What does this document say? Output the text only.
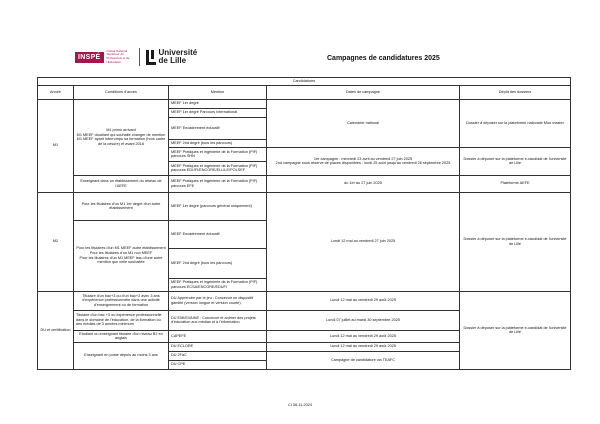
INSPÉ
Institut National Supérieur du Professorat et de l'Éducation
Université
de Lille	Campagnes de candidatures 2025
Candidatures				
Année	Conditions d'accès	Mention	Dates de campagne	Dépôt des dossiers
M1	M1 primo arrivant
M1 MEEF doublant qui souhaite changer de mention
M1 MEEF ayant interrompu sa formation (hors cadre de la césure) et avant 2016	MEEF 1er degré	Calendrier national	Dossier à déposer sur la plateforme nationale Mon master
		MEEF 1er degré Parcours International		
		MEEF Encadrement éducatif		
		MEEF 2nd degré (tous les parcours)		
		MEEF Pratiques et ingénierie de la Formation (PIF) parcours SHN	1er campagne : mercredi 23 avril au vendredi 27 juin 2025
2nd campagne sous réserve de places disponibles : lundi 25 août jusqu'au vendredi 26 septembre 2025	Dossier à déposer sur la plateforme e-candidat de l'université de Lille
		MEEF Pratiques et ingénierie de la Formation (PIF) parcours EDUFI/ENCORE/ELLILE/POLSEF		
	Enseignant dans un établissement du réseau de l'AEFE	MEEF Pratiques et ingénierie de la Formation (PIF) parcours EFE	du 1er au 27 juin 2025	Plateforme AEFE
M2	Pour les titulaires d'un M1 1er degré d'un autre établissement	MEEF 1er degré (parcours général uniquement)	Lundi 12 mai au vendredi 27 juin 2025	Dossier à déposer sur la plateforme e-candidat de l'université de Lille
	Pour les titulaires d'un M1 MEEF autre établissement
Pour les titulaires d'un M1 non MEEF
Pour les titulaires d'un M1 MEEF issu d'une autre mention que celle souhaitée	MEEF Encadrement éducatif		
		MEEF 2nd degré (tous les parcours)		
		MEEF Pratiques et ingénierie de la Formation (PIF) parcours ECSA/ENCORE/EDUFI		
DU et certification	Titulaire d'un bac+3 ou d'un bac+2 avec 3 ans d'expérience professionnelle dans une activité d'enseignement ou de formation	DU Apprendre par le jeu : Concevoir un dispositif gamifié (version longue et version courte)	Lundi 12 mai au vendredi 29 août 2025	Dossier à déposer sur la plateforme e-candidat de l'université de Lille
	Titulaire d'un bac +3 ou expérience professionnelle dans le domaine de l'éducation, de la formation ou des médias de 3 années minimum	DU EMI/EVAINE : Concevoir et animer des projets d'éducation aux médias et à l'information	Lundi 07 juillet au mardi 30 septembre 2025	
	Etudiant ou enseignant titulaire d'un niveau B2 en anglais	CAPEFE	Lundi 12 mai au vendredi 29 août 2025	
	Enseignant en poste depuis au moins 3 ans	DU ECLORE	Lundi 12 mai au vendredi 29 août 2025	
		DU 2FaC	Campagne de candidature via TEAFC	
		DU CPE		
CI 08-11-2024
